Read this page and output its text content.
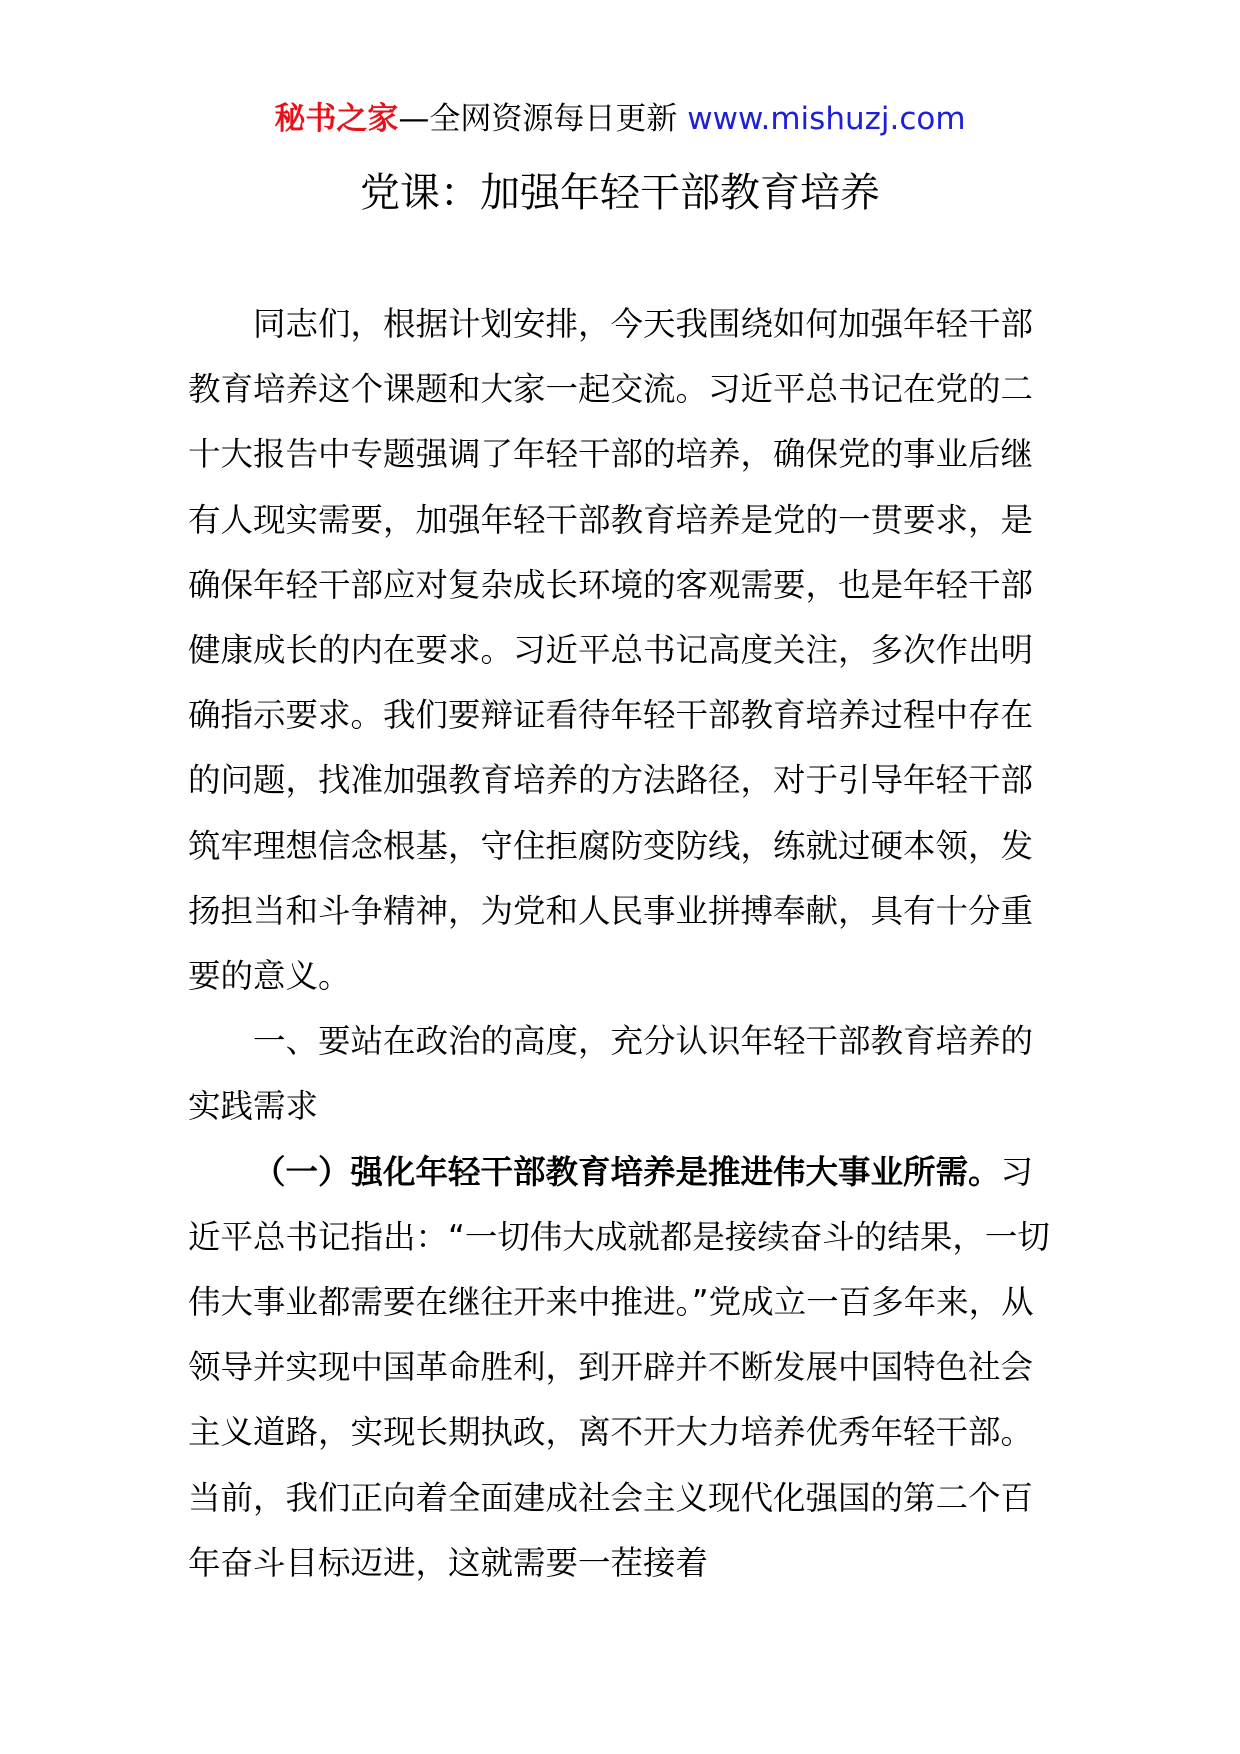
秘书之家—全网资源每日更新 www.mishuzj.com
党课：加强年轻干部教育培养

同志们，根据计划安排，今天我围绕如何加强年轻干部教育培养这个课题和大家一起交流。习近平总书记在党的二十大报告中专题强调了年轻干部的培养，确保党的事业后继有人现实需要，加强年轻干部教育培养是党的一贯要求，是确保年轻干部应对复杂成长环境的客观需要，也是年轻干部健康成长的内在要求。习近平总书记高度关注，多次作出明确指示要求。我们要辩证看待年轻干部教育培养过程中存在的问题，找准加强教育培养的方法路径，对于引导年轻干部筑牢理想信念根基，守住拒腐防变防线，练就过硬本领，发扬担当和斗争精神，为党和人民事业拼搏奉献，具有十分重要的意义。

一、要站在政治的高度，充分认识年轻干部教育培养的实践需求

（一）强化年轻干部教育培养是推进伟大事业所需。习近平总书记指出：“一切伟大成就都是接续奋斗的结果，一切伟大事业都需要在继往开来中推进。”党成立一百多年来，从领导并实现中国革命胜利，到开辟并不断发展中国特色社会主义道路，实现长期执政，离不开大力培养优秀年轻干部。当前，我们正向着全面建成社会主义现代化强国的第二个百年奋斗目标迈进，这就需要一茬接着
